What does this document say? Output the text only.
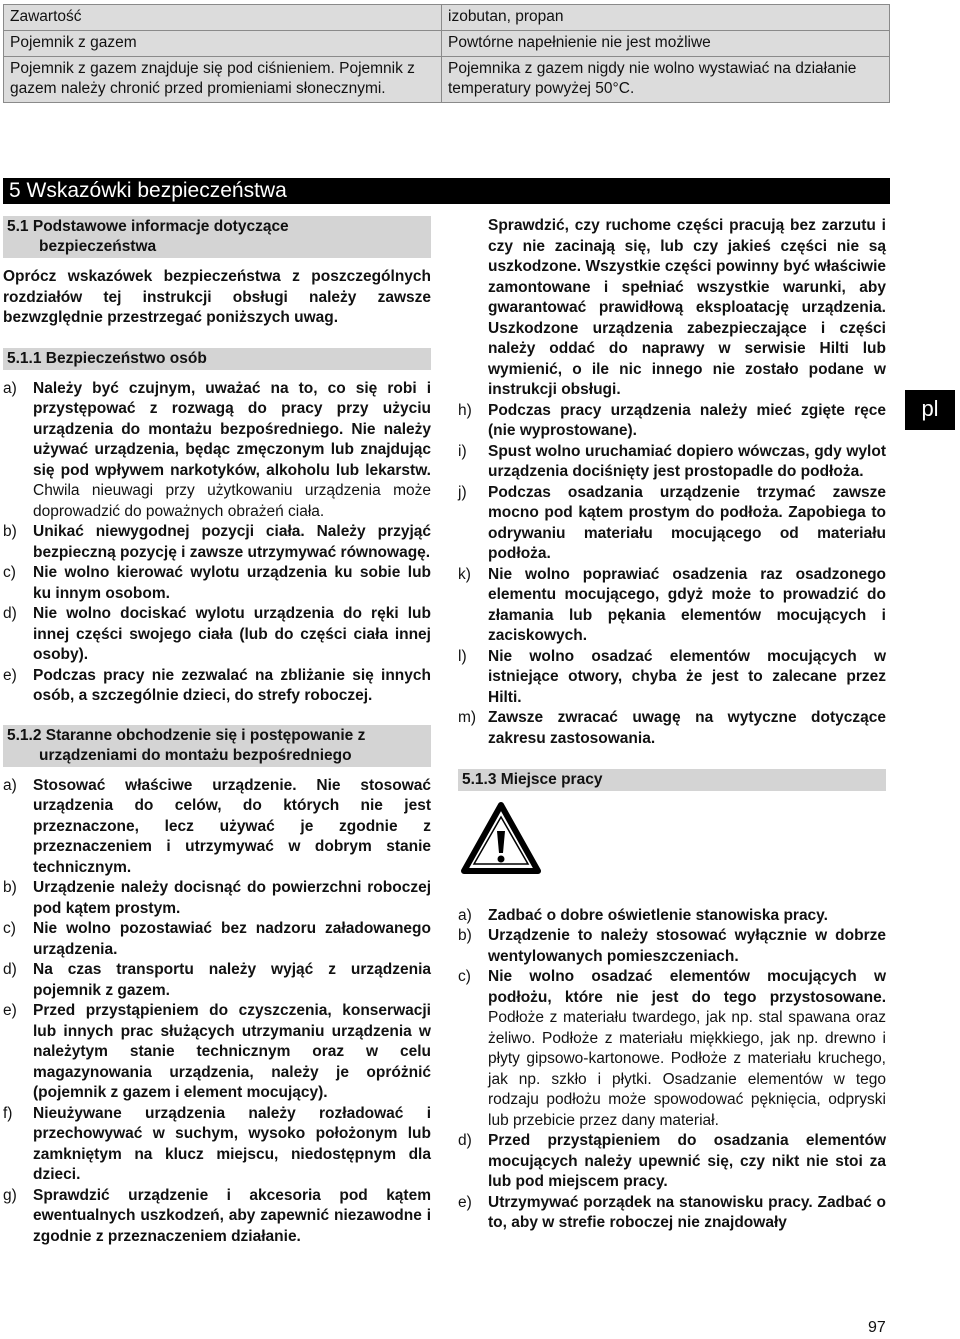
Zawartość	izobutan, propan
Pojemnik z gazem	Powtórne napełnienie nie jest możliwe
Pojemnik z gazem znajduje się pod ciśnieniem. Pojemnik z gazem należy chronić przed promieniami słonecznymi.	Pojemnika z gazem nigdy nie wolno wystawiać na działanie temperatury powyżej 50°C.
5 Wskazówki bezpieczeństwa
5.1 Podstawowe informacje dotyczące
bezpieczeństwa

Oprócz wskazówek bezpieczeństwa z poszczególnych rozdziałów tej instrukcji obsługi należy zawsze bezwzględnie przestrzegać poniższych uwag.

5.1.1 Bezpieczeństwo osób
a)	Należy być czujnym, uważać na to, co się robi i przystępować z rozwagą do pracy przy użyciu urządzenia do montażu bezpośredniego. Nie należy używać urządzenia, będąc zmęczonym lub znajdując się pod wpływem narkotyków, alkoholu lub lekarstw. Chwila nieuwagi przy użytkowaniu urządzenia może doprowadzić do poważnych obrażeń ciała.
b)	Unikać niewygodnej pozycji ciała. Należy przyjąć bezpieczną pozycję i zawsze utrzymywać równowagę.
c)	Nie wolno kierować wylotu urządzenia ku sobie lub ku innym osobom.
d)	Nie wolno dociskać wylotu urządzenia do ręki lub innej części swojego ciała (lub do części ciała innej osoby).
e)	Podczas pracy nie zezwalać na zbliżanie się innych osób, a szczególnie dzieci, do strefy roboczej.
5.1.2 Staranne obchodzenie się i postępowanie z
urządzeniami do montażu bezpośredniego
a)	Stosować właściwe urządzenie. Nie stosować urządzenia do celów, do których nie jest przeznaczone, lecz używać je zgodnie z przeznaczeniem i utrzymywać w dobrym stanie technicznym.
b)	Urządzenie należy docisnąć do powierzchni roboczej pod kątem prostym.
c)	Nie wolno pozostawiać bez nadzoru załadowanego urządzenia.
d)	Na czas transportu należy wyjąć z urządzenia pojemnik z gazem.
e)	Przed przystąpieniem do czyszczenia, konserwacji lub innych prac służących utrzymaniu urządzenia w należytym stanie technicznym oraz w celu magazynowania urządzenia, należy je opróżnić (pojemnik z gazem i element mocujący).
f)	Nieużywane urządzenia należy rozładować i przechowywać w suchym, wysoko położonym lub zamkniętym na klucz miejscu, niedostępnym dla dzieci.
g)	Sprawdzić urządzenie i akcesoria pod kątem ewentualnych uszkodzeń, aby zapewnić niezawodne i zgodnie z przeznaczeniem działanie.
Sprawdzić, czy ruchome części pracują bez zarzutu i czy nie zacinają się, lub czy jakieś części nie są uszkodzone. Wszystkie części powinny być właściwie zamontowane i spełniać wszystkie warunki, aby gwarantować prawidłową eksploatację urządzenia. Uszkodzone urządzenia zabezpieczające i części należy oddać do naprawy w serwisie Hilti lub wymienić, o ile nic innego nie zostało podane w instrukcji obsługi.
h)	Podczas pracy urządzenia należy mieć zgięte ręce (nie wyprostowane).
i)	Spust wolno uruchamiać dopiero wówczas, gdy wylot urządzenia dociśnięty jest prostopadle do podłoża.
j)	Podczas osadzania urządzenie trzymać zawsze mocno pod kątem prostym do podłoża. Zapobiega to odrywaniu materiału mocującego od materiału podłoża.
k)	Nie wolno poprawiać osadzenia raz osadzonego elementu mocującego, gdyż może to prowadzić do złamania lub pękania elementów mocujących i zaciskowych.
l)	Nie wolno osadzać elementów mocujących w istniejące otwory, chyba że jest to zalecane przez Hilti.
m) Zawsze zwracać uwagę na wytyczne dotyczące zakresu zastosowania.
5.1.3 Miejsce pracy
a)	Zadbać o dobre oświetlenie stanowiska pracy.
b)	Urządzenie to należy stosować wyłącznie w dobrze wentylowanych pomieszczeniach.
c)	Nie wolno osadzać elementów mocujących w podłożu, które nie jest do tego przystosowane. Podłoże z materiału twardego, jak np. stal spawana oraz żeliwo. Podłoże z materiału miękkiego, jak np. drewno i płyty gipsowo-kartonowe. Podłoże z materiału kruchego, jak np. szkło i płytki. Osadzanie elementów w tego rodzaju podłożu może spowodować pęknięcia, odpryski lub przebicie przez dany materiał.
d)	Przed przystąpieniem do osadzania elementów mocujących należy upewnić się, czy nikt nie stoi za lub pod miejscem pracy.
e)	Utrzymywać porządek na stanowisku pracy. Zadbać o to, aby w strefie roboczej nie znajdowały
pl
97
